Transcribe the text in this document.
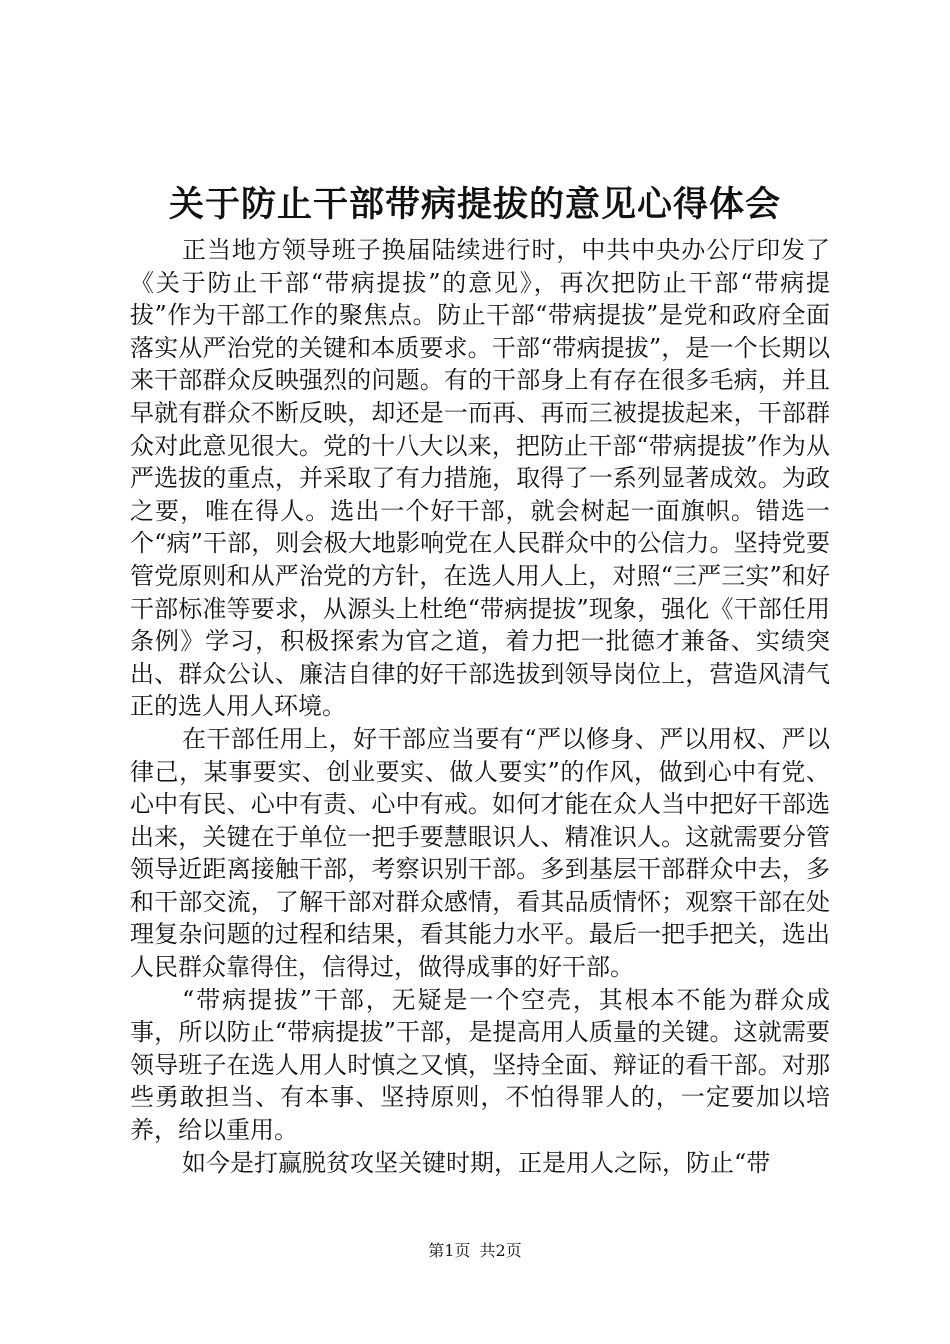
关于防止干部带病提拔的意见心得体会

正当地方领导班子换届陆续进行时，中共中央办公厅印发了《关于防止干部“带病提拔”的意见》，再次把防止干部“带病提拔”作为干部工作的聚焦点。防止干部“带病提拔”是党和政府全面落实从严治党的关键和本质要求。干部“带病提拔”，是一个长期以来干部群众反映强烈的问题。有的干部身上有存在很多毛病，并且早就有群众不断反映，却还是一而再、再而三被提拔起来，干部群众对此意见很大。党的十八大以来，把防止干部“带病提拔”作为从严选拔的重点，并采取了有力措施，取得了一系列显著成效。为政之要，唯在得人。选出一个好干部，就会树起一面旗帜。错选一个“病”干部，则会极大地影响党在人民群众中的公信力。坚持党要管党原则和从严治党的方针，在选人用人上，对照“三严三实”和好干部标准等要求，从源头上杜绝“带病提拔”现象，强化《干部任用条例》学习，积极探索为官之道，着力把一批德才兼备、实绩突出、群众公认、廉洁自律的好干部选拔到领导岗位上，营造风清气正的选人用人环境。

在干部任用上，好干部应当要有“严以修身、严以用权、严以律己，某事要实、创业要实、做人要实”的作风，做到心中有党、心中有民、心中有责、心中有戒。如何才能在众人当中把好干部选出来，关键在于单位一把手要慧眼识人、精准识人。这就需要分管领导近距离接触干部，考察识别干部。多到基层干部群众中去，多和干部交流，了解干部对群众感情，看其品质情怀；观察干部在处理复杂问题的过程和结果，看其能力水平。最后一把手把关，选出人民群众靠得住，信得过，做得成事的好干部。

“带病提拔”干部，无疑是一个空壳，其根本不能为群众成事，所以防止“带病提拔”干部，是提高用人质量的关键。这就需要领导班子在选人用人时慎之又慎，坚持全面、辩证的看干部。对那些勇敢担当、有本事、坚持原则，不怕得罪人的，一定要加以培养，给以重用。

如今是打赢脱贫攻坚关键时期，正是用人之际，防止“带

第1页 共2页
